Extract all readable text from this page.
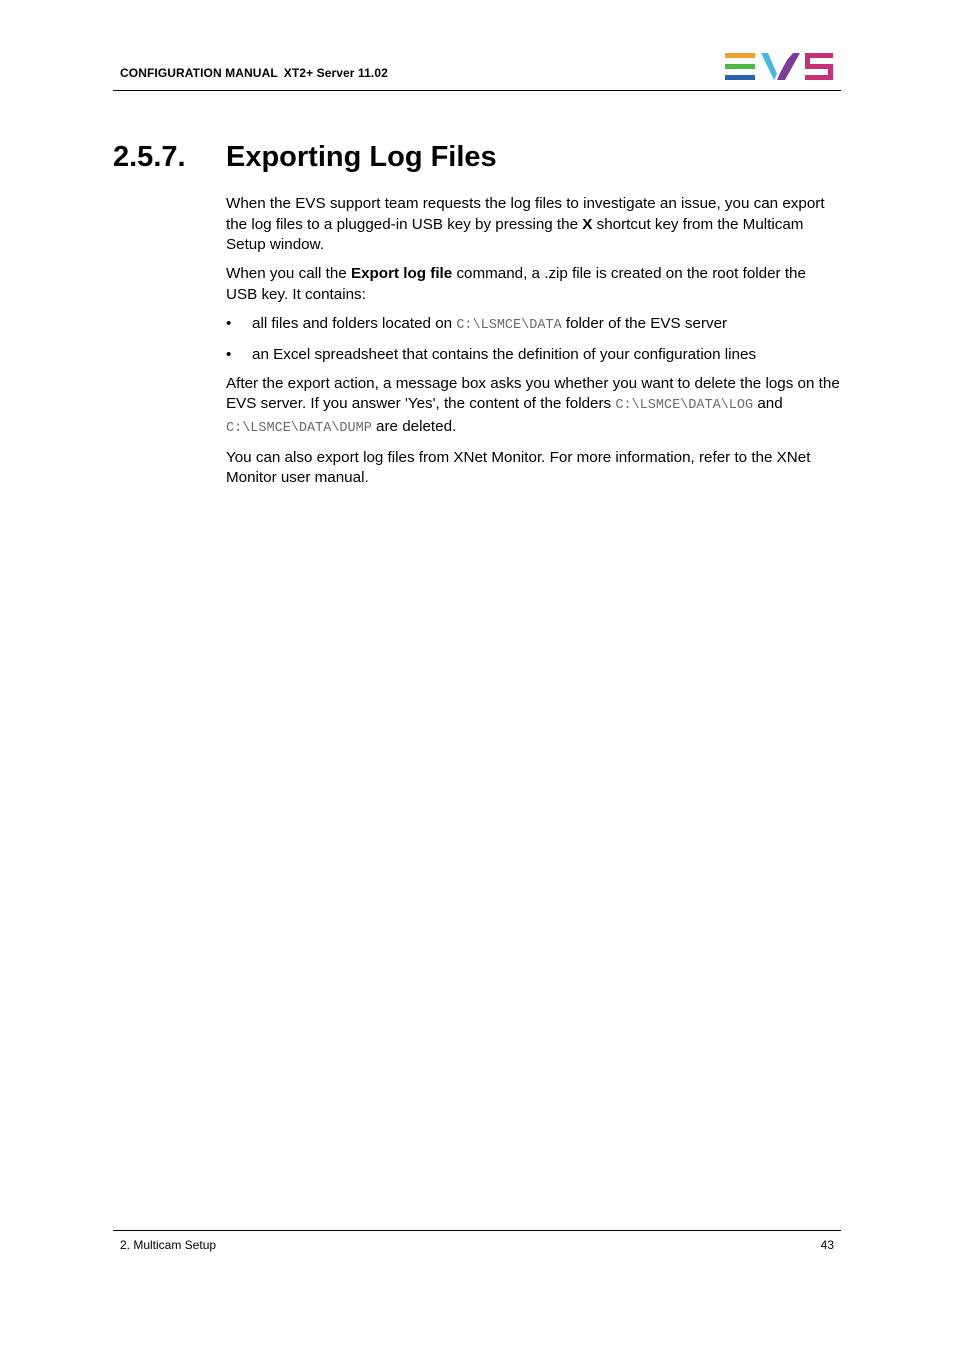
CONFIGURATION MANUAL XT2+ Server 11.02
2.5.7. Exporting Log Files

When the EVS support team requests the log files to investigate an issue, you can export the log files to a plugged-in USB key by pressing the X shortcut key from the Multicam Setup window.

When you call the Export log file command, a .zip file is created on the root folder the USB key. It contains:

• all files and folders located on C:\LSMCE\DATA folder of the EVS server
• an Excel spreadsheet that contains the definition of your configuration lines

After the export action, a message box asks you whether you want to delete the logs on the EVS server. If you answer 'Yes', the content of the folders C:\LSMCE\DATA\LOG and C:\LSMCE\DATA\DUMP are deleted.

You can also export log files from XNet Monitor. For more information, refer to the XNet Monitor user manual.

2. Multicam Setup	43
